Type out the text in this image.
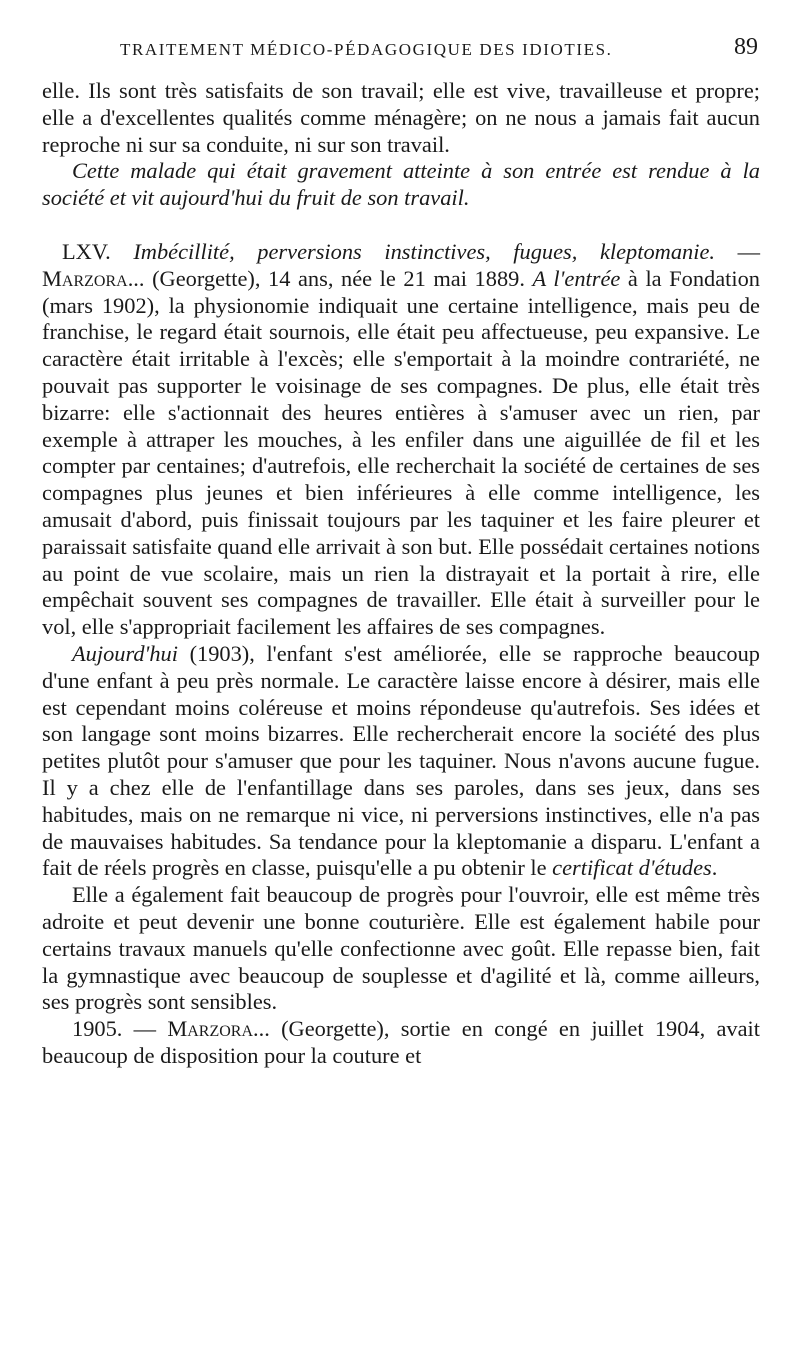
TRAITEMENT MÉDICO-PÉDAGOGIQUE DES IDIOTIES.	89

elle. Ils sont très satisfaits de son travail; elle est vive, travailleuse et propre; elle a d'excellentes qualités comme ménagère; on ne nous a jamais fait aucun reproche ni sur sa conduite, ni sur son travail.

Cette malade qui était gravement atteinte à son entrée est rendue à la société et vit aujourd'hui du fruit de son travail.

LXV. Imbécillité, perversions instinctives, fugues, kleptomanie. — Marzora... (Georgette), 14 ans, née le 21 mai 1889. A l'entrée à la Fondation (mars 1902), la physionomie indiquait une certaine intelligence, mais peu de franchise, le regard était sournois, elle était peu affectueuse, peu expansive. Le caractère était irritable à l'excès; elle s'emportait à la moindre contrariété, ne pouvait pas supporter le voisinage de ses compagnes. De plus, elle était très bizarre: elle s'actionnait des heures entières à s'amuser avec un rien, par exemple à attraper les mouches, à les enfiler dans une aiguillée de fil et les compter par centaines; d'autrefois, elle recherchait la société de certaines de ses compagnes plus jeunes et bien inférieures à elle comme intelligence, les amusait d'abord, puis finissait toujours par les taquiner et les faire pleurer et paraissait satisfaite quand elle arrivait à son but. Elle possédait certaines notions au point de vue scolaire, mais un rien la distrayait et la portait à rire, elle empêchait souvent ses compagnes de travailler. Elle était à surveiller pour le vol, elle s'appropriait facilement les affaires de ses compagnes.

Aujourd'hui (1903), l'enfant s'est améliorée, elle se rapproche beaucoup d'une enfant à peu près normale. Le caractère laisse encore à désirer, mais elle est cependant moins coléreuse et moins répondeuse qu'autrefois. Ses idées et son langage sont moins bizarres. Elle rechercherait encore la société des plus petites plutôt pour s'amuser que pour les taquiner. Nous n'avons aucune fugue. Il y a chez elle de l'enfantillage dans ses paroles, dans ses jeux, dans ses habitudes, mais on ne remarque ni vice, ni perversions instinctives, elle n'a pas de mauvaises habitudes. Sa tendance pour la kleptomanie a disparu. L'enfant a fait de réels progrès en classe, puisqu'elle a pu obtenir le certificat d'études.

Elle a également fait beaucoup de progrès pour l'ouvroir, elle est même très adroite et peut devenir une bonne couturière. Elle est également habile pour certains travaux manuels qu'elle confectionne avec goût. Elle repasse bien, fait la gymnastique avec beaucoup de souplesse et d'agilité et là, comme ailleurs, ses progrès sont sensibles.

1905. — Marzora... (Georgette), sortie en congé en juillet 1904, avait beaucoup de disposition pour la couture et
